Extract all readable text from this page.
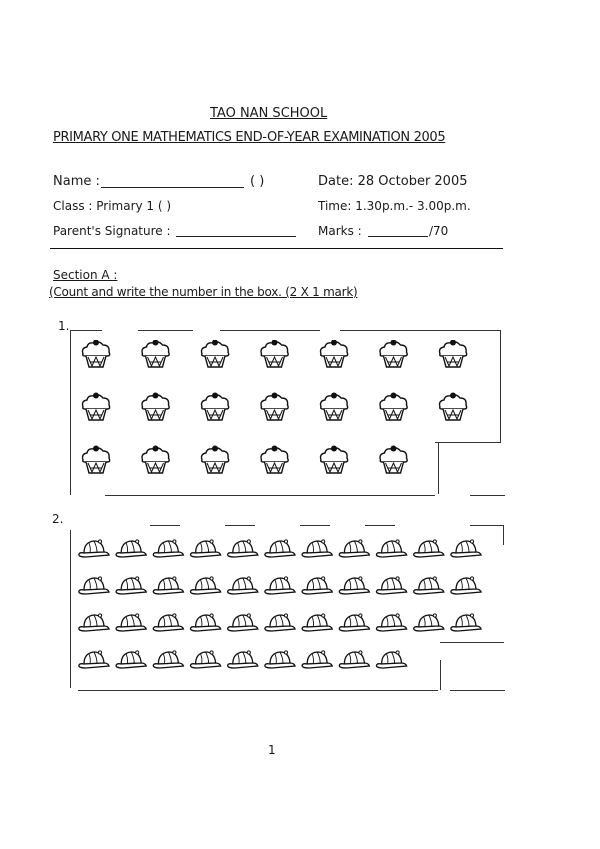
TAO NAN SCHOOL
PRIMARY ONE MATHEMATICS END-OF-YEAR EXAMINATION 2005
Name :	( )	Date: 28 October 2005
Class : Primary 1 ( )	Time: 1.30p.m.- 3.00p.m.
Parent's Signature :	Marks :	/70
Section A :
(Count and write the number in the box. (2 X 1 mark)
1.
2.
1
